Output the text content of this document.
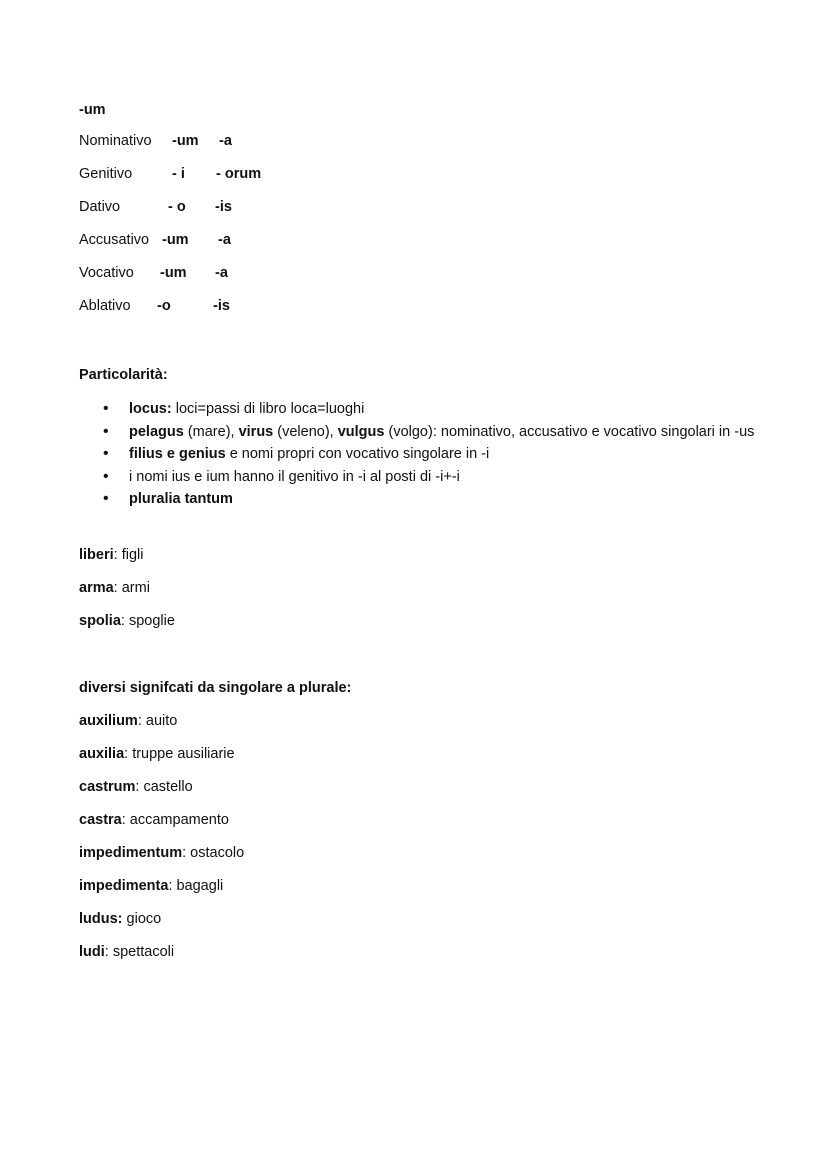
-um
Nominativo -um -a
Genitivo	- i - orum
Dativo	- o -is
Accusativo -um -a
Vocativo -um -a
Ablativo -o	-is
Particolarità:
• locus: loci=passi di libro loca=luoghi
• pelagus (mare), virus (veleno), vulgus (volgo): nominativo, accusativo e vocativo singolari in -us
• filius e genius e nomi propri con vocativo singolare in -i
• i nomi ius e ium hanno il genitivo in -i al posti di -i+-i
• pluralia tantum
liberi: figli
arma: armi
spolia: spoglie
diversi signifcati da singolare a plurale:
auxilium: auito
auxilia: truppe ausiliarie
castrum: castello
castra: accampamento
impedimentum: ostacolo
impedimenta: bagagli
ludus: gioco
ludi: spettacoli
